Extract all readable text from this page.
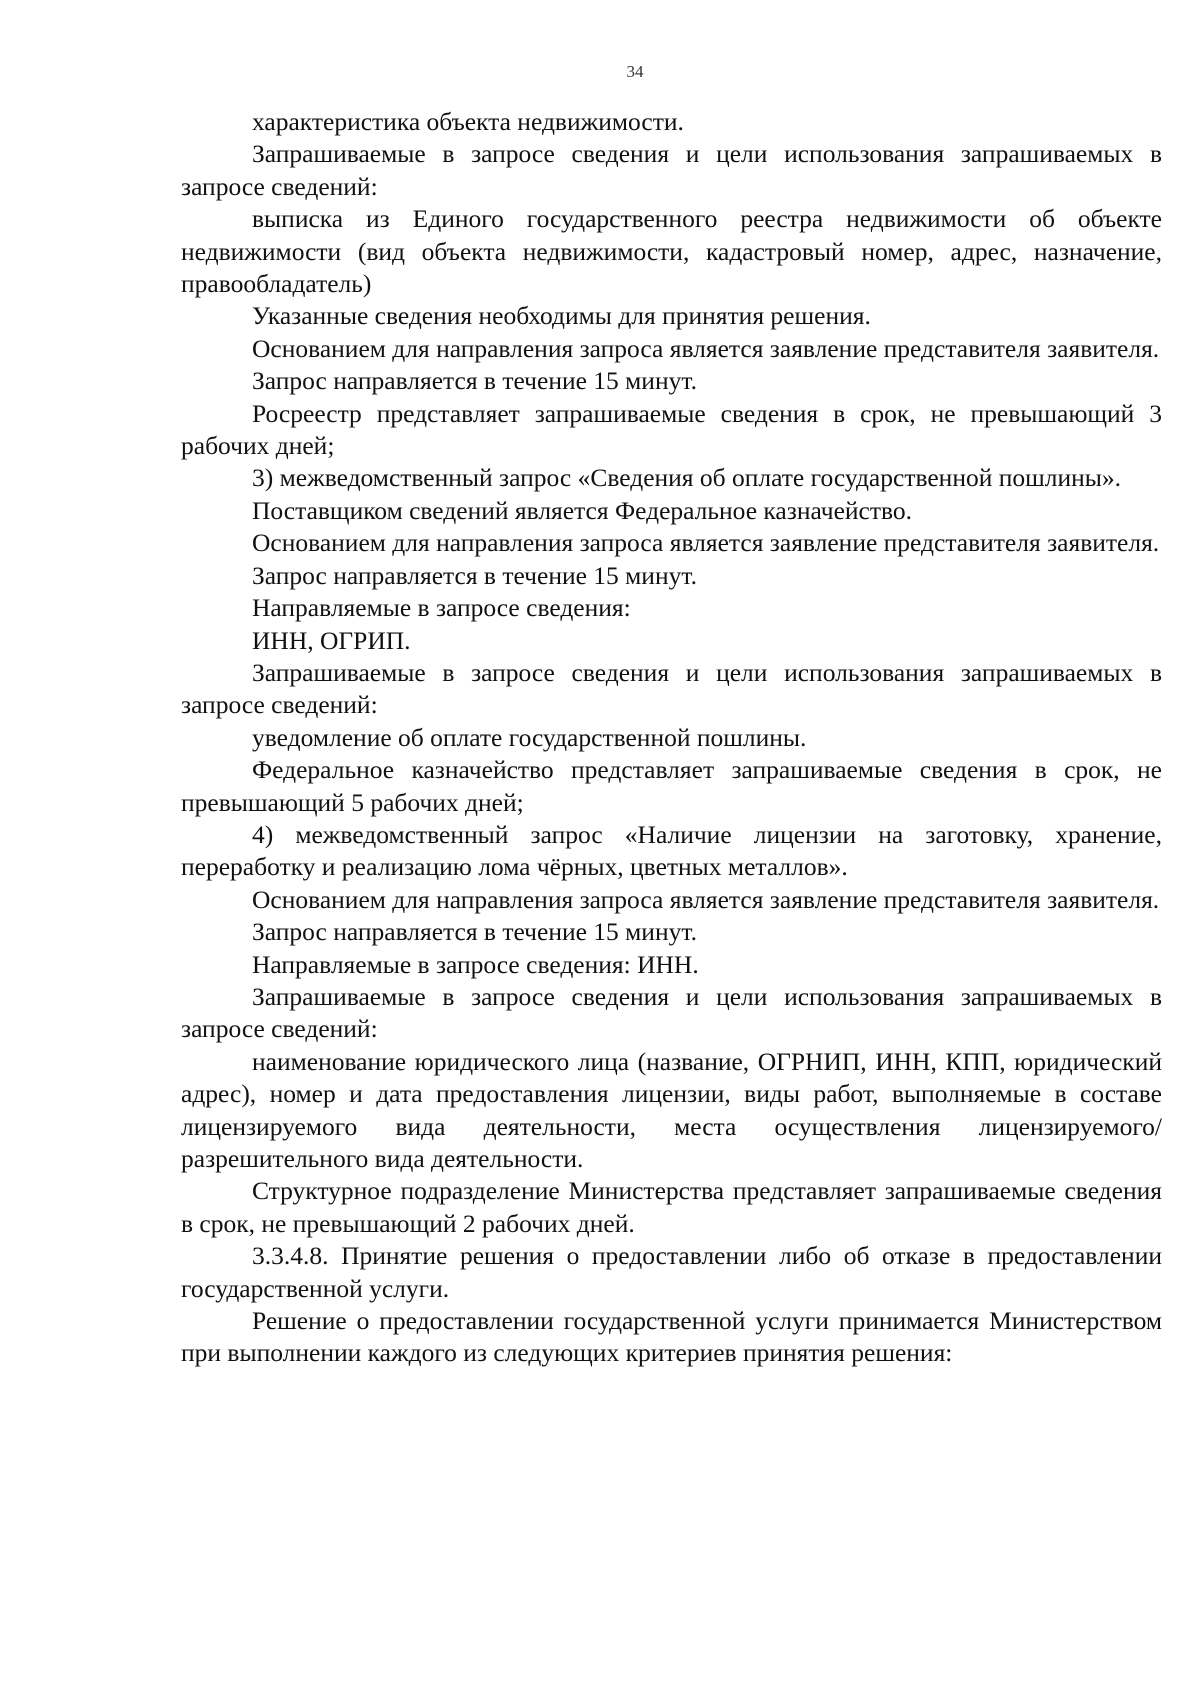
34

характеристика объекта недвижимости.

Запрашиваемые в запросе сведения и цели использования запрашиваемых в запросе сведений:

выписка из Единого государственного реестра недвижимости об объекте недвижимости (вид объекта недвижимости, кадастровый номер, адрес, назначение, правообладатель)

Указанные сведения необходимы для принятия решения.

Основанием для направления запроса является заявление представителя заявителя.

Запрос направляется в течение 15 минут.

Росреестр представляет запрашиваемые сведения в срок, не превышающий 3 рабочих дней;

3) межведомственный запрос «Сведения об оплате государственной пошлины».

Поставщиком сведений является Федеральное казначейство.

Основанием для направления запроса является заявление представителя заявителя.

Запрос направляется в течение 15 минут.

Направляемые в запросе сведения:

ИНН, ОГРИП.

Запрашиваемые в запросе сведения и цели использования запрашиваемых в запросе сведений:

уведомление об оплате государственной пошлины.

Федеральное казначейство представляет запрашиваемые сведения в срок, не превышающий 5 рабочих дней;

4) межведомственный запрос «Наличие лицензии на заготовку, хранение, переработку и реализацию лома чёрных, цветных металлов».

Основанием для направления запроса является заявление представителя заявителя.

Запрос направляется в течение 15 минут.

Направляемые в запросе сведения: ИНН.

Запрашиваемые в запросе сведения и цели использования запрашиваемых в запросе сведений:

наименование юридического лица (название, ОГРНИП, ИНН, КПП, юридический адрес), номер и дата предоставления лицензии, виды работ, выполняемые в составе лицензируемого вида деятельности, места осуществления лицензируемого/разрешительного вида деятельности.

Структурное подразделение Министерства представляет запрашиваемые сведения в срок, не превышающий 2 рабочих дней.

3.3.4.8. Принятие решения о предоставлении либо об отказе в предоставлении государственной услуги.

Решение о предоставлении государственной услуги принимается Министерством при выполнении каждого из следующих критериев принятия решения:
